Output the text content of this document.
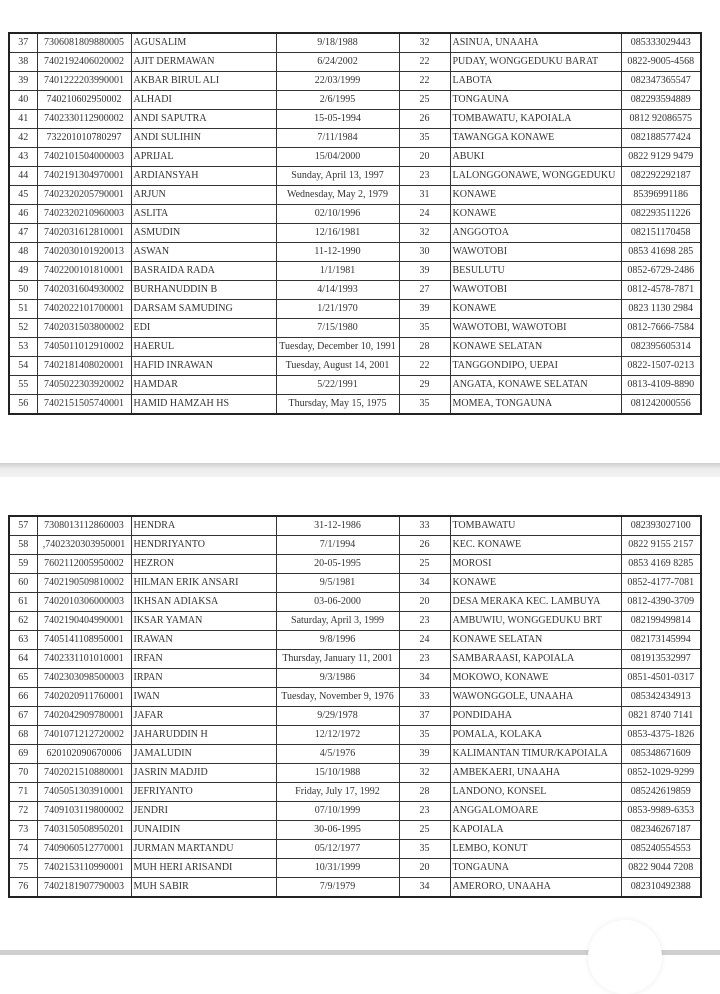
37	7306081809880005	AGUSALIM	9/18/1988	32	ASINUA, UNAAHA	085333029443
38	7402192406020002	AJIT DERMAWAN	6/24/2002	22	PUDAY, WONGGEDUKU BARAT	0822-9005-4568
39	7401222203990001	AKBAR BIRUL ALI	22/03/1999	22	LABOTA	082347365547
40	740210602950002	ALHADI	2/6/1995	25	TONGAUNA	082293594889
41	7402330112900002	ANDI SAPUTRA	15-05-1994	26	TOMBAWATU, KAPOIALA	0812 92086575
42	732201010780297	ANDI SULIHIN	7/11/1984	35	TAWANGGA KONAWE	082188577424
43	7402101504000003	APRIJAL	15/04/2000	20	ABUKI	0822 9129 9479
44	7402191304970001	ARDIANSYAH	Sunday, April 13, 1997	23	LALONGGONAWE, WONGGEDUKU	082292292187
45	7402320205790001	ARJUN	Wednesday, May 2, 1979	31	KONAWE	85396991186
46	7402320210960003	ASLITA	02/10/1996	24	KONAWE	082293511226
47	7402031612810001	ASMUDIN	12/16/1981	32	ANGGOTOA	082151170458
48	7402030101920013	ASWAN	11-12-1990	30	WAWOTOBI	0853 41698 285
49	7402200101810001	BASRAIDA RADA	1/1/1981	39	BESULUTU	0852-6729-2486
50	7402031604930002	BURHANUDDIN B	4/14/1993	27	WAWOTOBI	0812-4578-7871
51	7402022101700001	DARSAM SAMUDING	1/21/1970	39	KONAWE	0823 1130 2984
52	7402031503800002	EDI	7/15/1980	35	WAWOTOBI, WAWOTOBI	0812-7666-7584
53	7405011012910002	HAERUL	Tuesday, December 10, 1991	28	KONAWE SELATAN	082395605314
54	7402181408020001	HAFID INRAWAN	Tuesday, August 14, 2001	22	TANGGONDIPO, UEPAI	0822-1507-0213
55	7405022303920002	HAMDAR	5/22/1991	29	ANGATA, KONAWE SELATAN	0813-4109-8890
56	7402151505740001	HAMID HAMZAH HS	Thursday, May 15, 1975	35	MOMEA, TONGAUNA	081242000556
57	7308013112860003	HENDRA	31-12-1986	33	TOMBAWATU	082393027100
58	,7402320303950001	HENDRIYANTO	7/1/1994	26	KEC. KONAWE	0822 9155 2157
59	7602112005950002	HEZRON	20-05-1995	25	MOROSI	0853 4169 8285
60	7402190509810002	HILMAN ERIK ANSARI	9/5/1981	34	KONAWE	0852-4177-7081
61	7402010306000003	IKHSAN ADIAKSA	03-06-2000	20	DESA MERAKA KEC. LAMBUYA	0812-4390-3709
62	7402190404990001	IKSAR YAMAN	Saturday, April 3, 1999	23	AMBUWIU, WONGGEDUKU BRT	082199499814
63	7405141108950001	IRAWAN	9/8/1996	24	KONAWE SELATAN	082173145994
64	7402331101010001	IRFAN	Thursday, January 11, 2001	23	SAMBARAASI, KAPOIALA	081913532997
65	7402303098500003	IRPAN	9/3/1986	34	MOKOWO, KONAWE	0851-4501-0317
66	7402020911760001	IWAN	Tuesday, November 9, 1976	33	WAWONGGOLE, UNAAHA	085342434913
67	7402042909780001	JAFAR	9/29/1978	37	PONDIDAHA	0821 8740 7141
68	7401071212720002	JAHARUDDIN H	12/12/1972	35	POMALA, KOLAKA	0853-4375-1826
69	620102090670006	JAMALUDIN	4/5/1976	39	KALIMANTAN TIMUR/KAPOIALA	085348671609
70	7402021510880001	JASRIN MADJID	15/10/1988	32	AMBEKAERI, UNAAHA	0852-1029-9299
71	7405051303910001	JEFRIYANTO	Friday, July 17, 1992	28	LANDONO, KONSEL	085242619859
72	7409103119800002	JENDRI	07/10/1999	23	ANGGALOMOARE	0853-9989-6353
73	7403150508950201	JUNAIDIN	30-06-1995	25	KAPOIALA	082346267187
74	7409060512770001	JURMAN MARTANDU	05/12/1977	35	LEMBO, KONUT	085240554553
75	7402153110990001	MUH HERI ARISANDI	10/31/1999	20	TONGAUNA	0822 9044 7208
76	7402181907790003	MUH SABIR	7/9/1979	34	AMERORO, UNAAHA	082310492388
